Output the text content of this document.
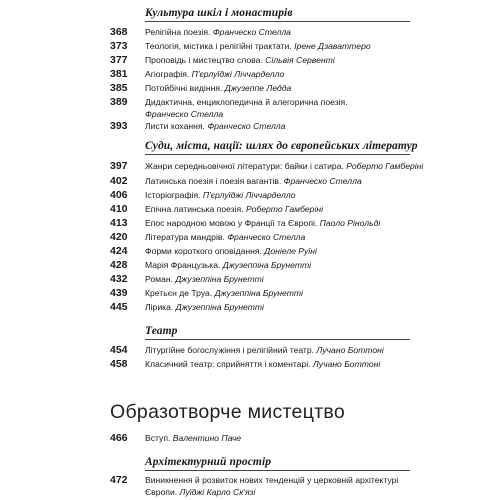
Культура шкіл і монастирів
368	Релігійна поезія. Франческо Стелла
373	Теологія, містика і релігійні трактати. Ірене Дзаваттеро
377	Проповідь і мистецтво слова. Сільвія Сервенті
381	Агіографія. П'єрлуїджі Ліччарделло
385	Потойбічні видіння. Джузеппе Ледда
389	Дидактична, енциклопедична й алегорична поезія.
Франческо Стелла
393	Листи кохання. Франческо Стелла
Суди, міста, нації: шлях до європейських літератур
397	Жанри середньовічної літератури: байки і сатира. Роберто Гамберіні
402	Латинська поезія і поезія вагантів. Франческо Стелла
406	Історіографія. П'єрлуїджі Ліччарделло
410	Епічна латинська поезія. Роберто Гамберіні
413	Епос народною мовою у Франції та Європі. Паоло Рінольді
420	Література мандрів. Франческо Стелла
424	Форми короткого оповідання. Доніеле Руїні
428	Марія Французька. Джузеппіна Брунетті
432	Роман. Джузеппіна Брунетті
439	Кретьєн де Труа. Джузеппіна Брунетті
445	Лірика. Джузеппіна Брунетті
Театр
454	Літургійне богослужіння і релігійний театр. Лучано Боттоні
458	Класичний театр: сприйняття і коментарі. Лучано Боттоні
Образотворче мистецтво
466	Вступ. Валентино Паче
Архітектурний простір
472	Виникнення й розвиток нових тенденцій у церковній архітектурі
Європи. Луїджі Карло Ск'язі
